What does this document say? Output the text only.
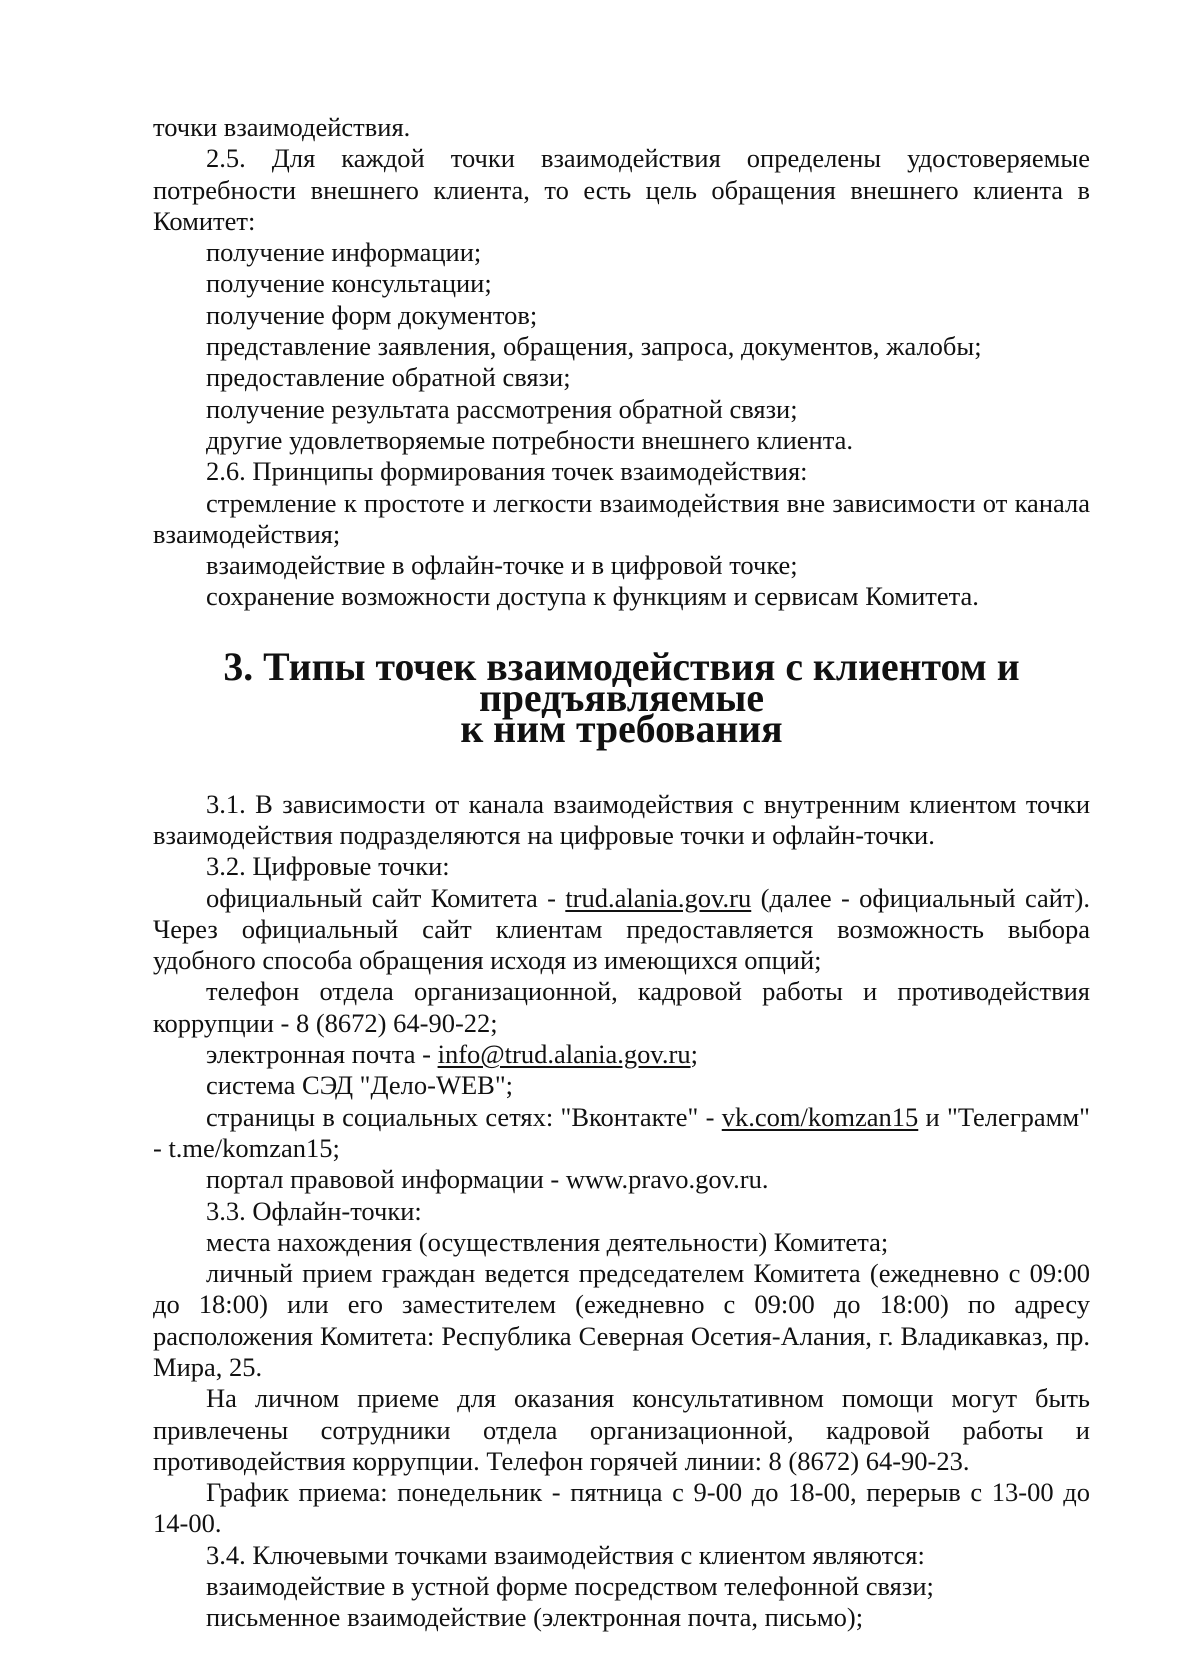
точки взаимодействия.

2.5. Для каждой точки взаимодействия определены удостоверяемые потребности внешнего клиента, то есть цель обращения внешнего клиента в Комитет:

получение информации;

получение консультации;

получение форм документов;

представление заявления, обращения, запроса, документов, жалобы;

предоставление обратной связи;

получение результата рассмотрения обратной связи;

другие удовлетворяемые потребности внешнего клиента.

2.6. Принципы формирования точек взаимодействия:

стремление к простоте и легкости взаимодействия вне зависимости от канала взаимодействия;

взаимодействие в офлайн-точке и в цифровой точке;

сохранение возможности доступа к функциям и сервисам Комитета.

3. Типы точек взаимодействия с клиентом и предъявляемые
к ним требования

3.1. В зависимости от канала взаимодействия с внутренним клиентом точки взаимодействия подразделяются на цифровые точки и офлайн-точки.

3.2. Цифровые точки:

официальный сайт Комитета - trud.alania.gov.ru (далее - официальный сайт). Через официальный сайт клиентам предоставляется возможность выбора удобного способа обращения исходя из имеющихся опций;

телефон отдела организационной, кадровой работы и противодействия коррупции - 8 (8672) 64-90-22;

электронная почта - info@trud.alania.gov.ru;

система СЭД "Дело-WEB";

страницы в социальных сетях: "Вконтакте" - vk.com/komzan15 и "Телеграмм" - t.me/komzan15;

портал правовой информации - www.pravo.gov.ru.

3.3. Офлайн-точки:

места нахождения (осуществления деятельности) Комитета;

личный прием граждан ведется председателем Комитета (ежедневно с 09:00 до 18:00) или его заместителем (ежедневно с 09:00 до 18:00) по адресу расположения Комитета: Республика Северная Осетия-Алания, г. Владикавказ, пр. Мира, 25.

На личном приеме для оказания консультативном помощи могут быть привлечены сотрудники отдела организационной, кадровой работы и противодействия коррупции. Телефон горячей линии: 8 (8672) 64-90-23.

График приема: понедельник - пятница с 9-00 до 18-00, перерыв с 13-00 до 14-00.

3.4. Ключевыми точками взаимодействия с клиентом являются:

взаимодействие в устной форме посредством телефонной связи;

письменное взаимодействие (электронная почта, письмо);
